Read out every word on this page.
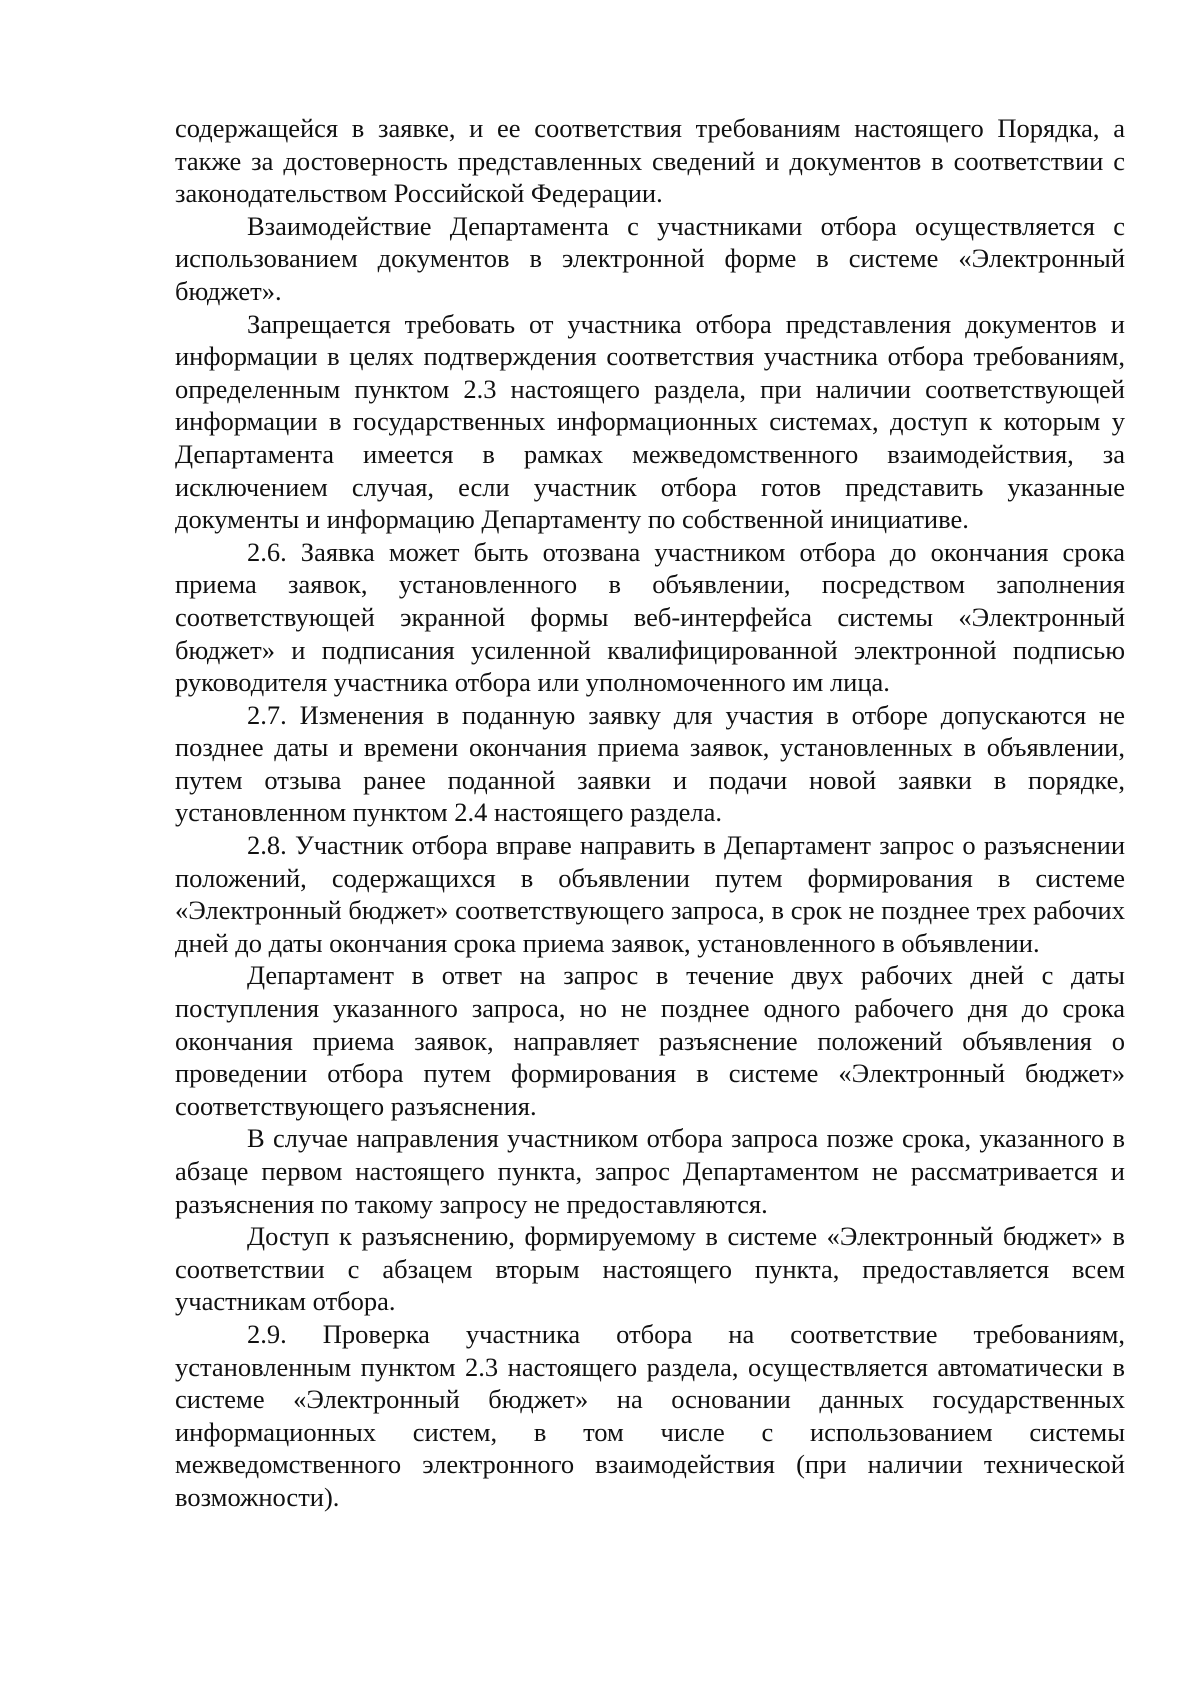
содержащейся в заявке, и ее соответствия требованиям настоящего Порядка, а также за достоверность представленных сведений и документов в соответствии с законодательством Российской Федерации.

Взаимодействие Департамента с участниками отбора осуществляется с использованием документов в электронной форме в системе «Электронный бюджет».

Запрещается требовать от участника отбора представления документов и информации в целях подтверждения соответствия участника отбора требованиям, определенным пунктом 2.3 настоящего раздела, при наличии соответствующей информации в государственных информационных системах, доступ к которым у Департамента имеется в рамках межведомственного взаимодействия, за исключением случая, если участник отбора готов представить указанные документы и информацию Департаменту по собственной инициативе.

2.6. Заявка может быть отозвана участником отбора до окончания срока приема заявок, установленного в объявлении, посредством заполнения соответствующей экранной формы веб-интерфейса системы «Электронный бюджет» и подписания усиленной квалифицированной электронной подписью руководителя участника отбора или уполномоченного им лица.

2.7. Изменения в поданную заявку для участия в отборе допускаются не позднее даты и времени окончания приема заявок, установленных в объявлении, путем отзыва ранее поданной заявки и подачи новой заявки в порядке, установленном пунктом 2.4 настоящего раздела.

2.8. Участник отбора вправе направить в Департамент запрос о разъяснении положений, содержащихся в объявлении путем формирования в системе «Электронный бюджет» соответствующего запроса, в срок не позднее трех рабочих дней до даты окончания срока приема заявок, установленного в объявлении.

Департамент в ответ на запрос в течение двух рабочих дней с даты поступления указанного запроса, но не позднее одного рабочего дня до срока окончания приема заявок, направляет разъяснение положений объявления о проведении отбора путем формирования в системе «Электронный бюджет» соответствующего разъяснения.

В случае направления участником отбора запроса позже срока, указанного в абзаце первом настоящего пункта, запрос Департаментом не рассматривается и разъяснения по такому запросу не предоставляются.

Доступ к разъяснению, формируемому в системе «Электронный бюджет» в соответствии с абзацем вторым настоящего пункта, предоставляется всем участникам отбора.

2.9. Проверка участника отбора на соответствие требованиям, установленным пунктом 2.3 настоящего раздела, осуществляется автоматически в системе «Электронный бюджет» на основании данных государственных информационных систем, в том числе с использованием системы межведомственного электронного взаимодействия (при наличии технической возможности).
